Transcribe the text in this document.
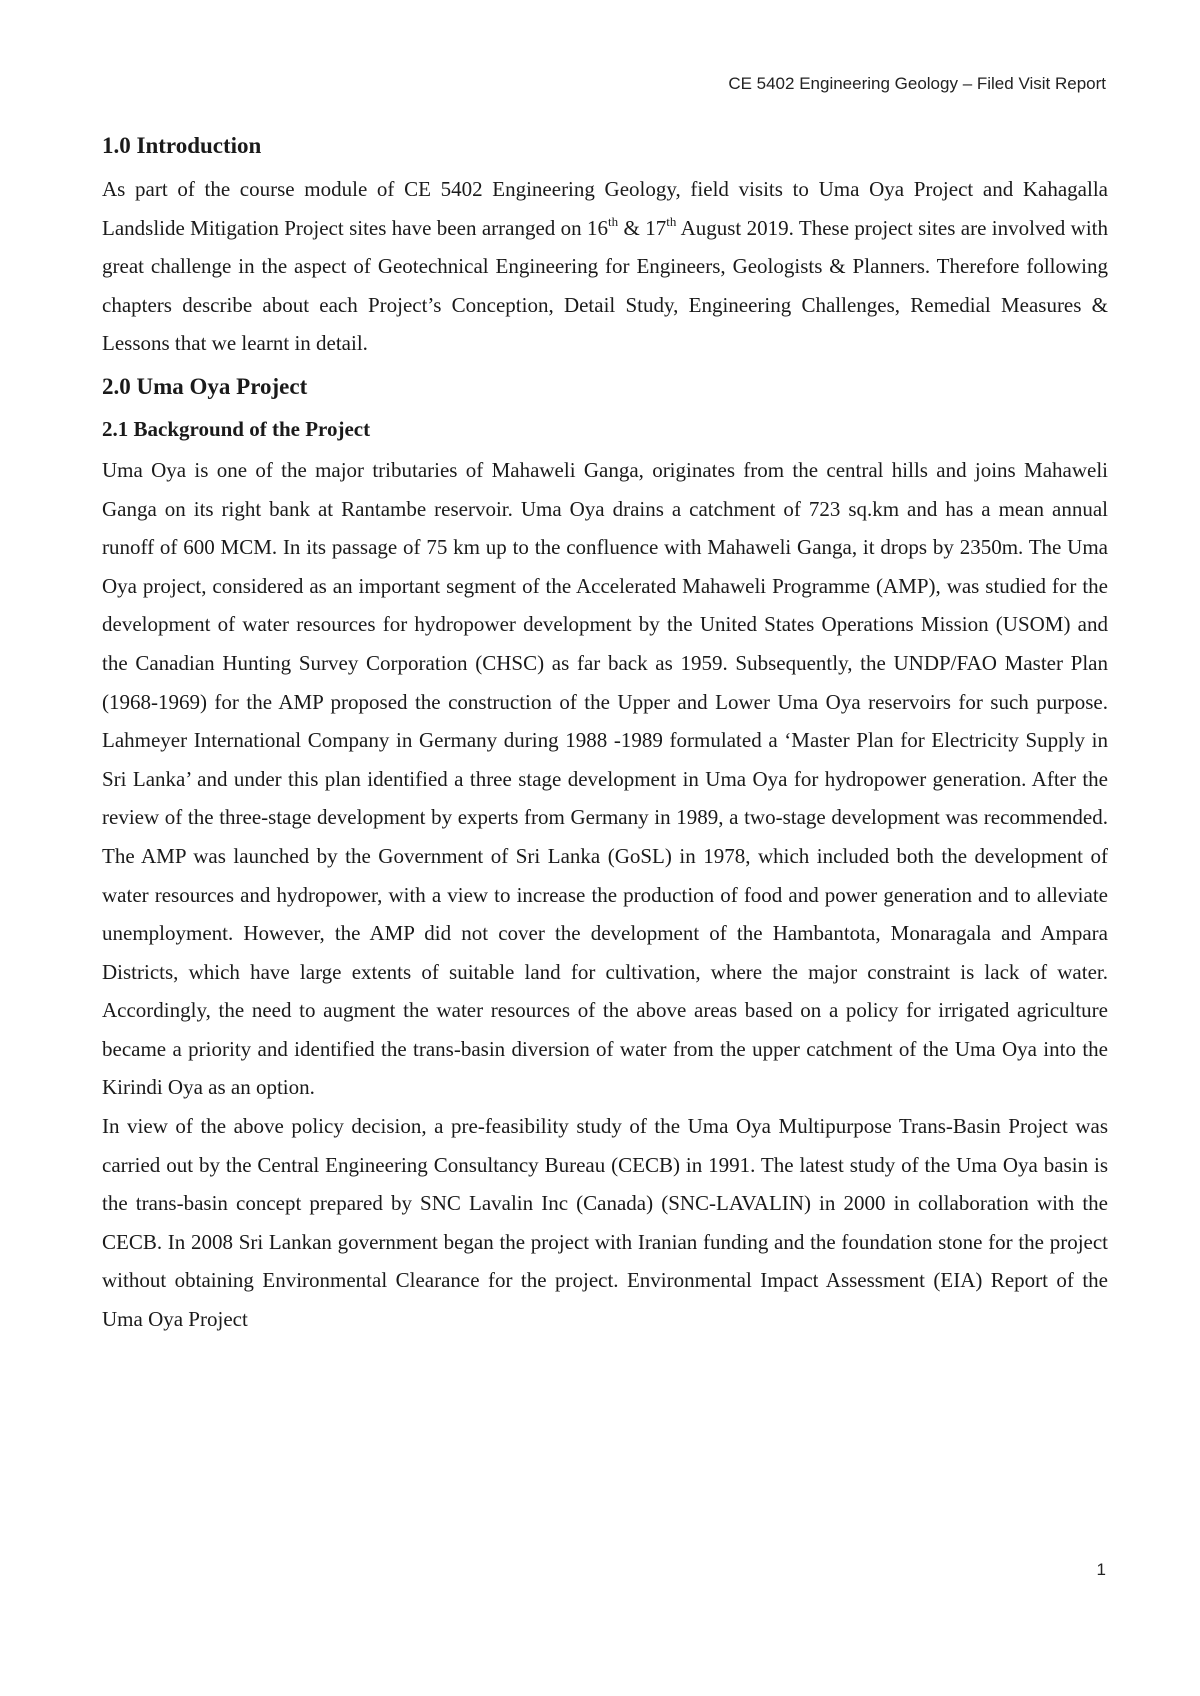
CE 5402 Engineering Geology – Filed Visit Report
1.0 Introduction

As part of the course module of CE 5402 Engineering Geology, field visits to Uma Oya Project and Kahagalla Landslide Mitigation Project sites have been arranged on 16th & 17th August 2019. These project sites are involved with great challenge in the aspect of Geotechnical Engineering for Engineers, Geologists & Planners. Therefore following chapters describe about each Project’s Conception, Detail Study, Engineering Challenges, Remedial Measures & Lessons that we learnt in detail.

2.0 Uma Oya Project
2.1 Background of the Project

Uma Oya is one of the major tributaries of Mahaweli Ganga, originates from the central hills and joins Mahaweli Ganga on its right bank at Rantambe reservoir. Uma Oya drains a catchment of 723 sq.km and has a mean annual runoff of 600 MCM. In its passage of 75 km up to the confluence with Mahaweli Ganga, it drops by 2350m. The Uma Oya project, considered as an important segment of the Accelerated Mahaweli Programme (AMP), was studied for the development of water resources for hydropower development by the United States Operations Mission (USOM) and the Canadian Hunting Survey Corporation (CHSC) as far back as 1959. Subsequently, the UNDP/FAO Master Plan (1968-1969) for the AMP proposed the construction of the Upper and Lower Uma Oya reservoirs for such purpose. Lahmeyer International Company in Germany during 1988 -1989 formulated a ‘Master Plan for Electricity Supply in Sri Lanka’ and under this plan identified a three stage development in Uma Oya for hydropower generation. After the review of the three-stage development by experts from Germany in 1989, a two-stage development was recommended. The AMP was launched by the Government of Sri Lanka (GoSL) in 1978, which included both the development of water resources and hydropower, with a view to increase the production of food and power generation and to alleviate unemployment. However, the AMP did not cover the development of the Hambantota, Monaragala and Ampara Districts, which have large extents of suitable land for cultivation, where the major constraint is lack of water. Accordingly, the need to augment the water resources of the above areas based on a policy for irrigated agriculture became a priority and identified the trans-basin diversion of water from the upper catchment of the Uma Oya into the Kirindi Oya as an option.

In view of the above policy decision, a pre-feasibility study of the Uma Oya Multipurpose Trans-Basin Project was carried out by the Central Engineering Consultancy Bureau (CECB) in 1991. The latest study of the Uma Oya basin is the trans-basin concept prepared by SNC Lavalin Inc (Canada) (SNC-LAVALIN) in 2000 in collaboration with the CECB. In 2008 Sri Lankan government began the project with Iranian funding and the foundation stone for the project without obtaining Environmental Clearance for the project. Environmental Impact Assessment (EIA) Report of the Uma Oya Project

1
